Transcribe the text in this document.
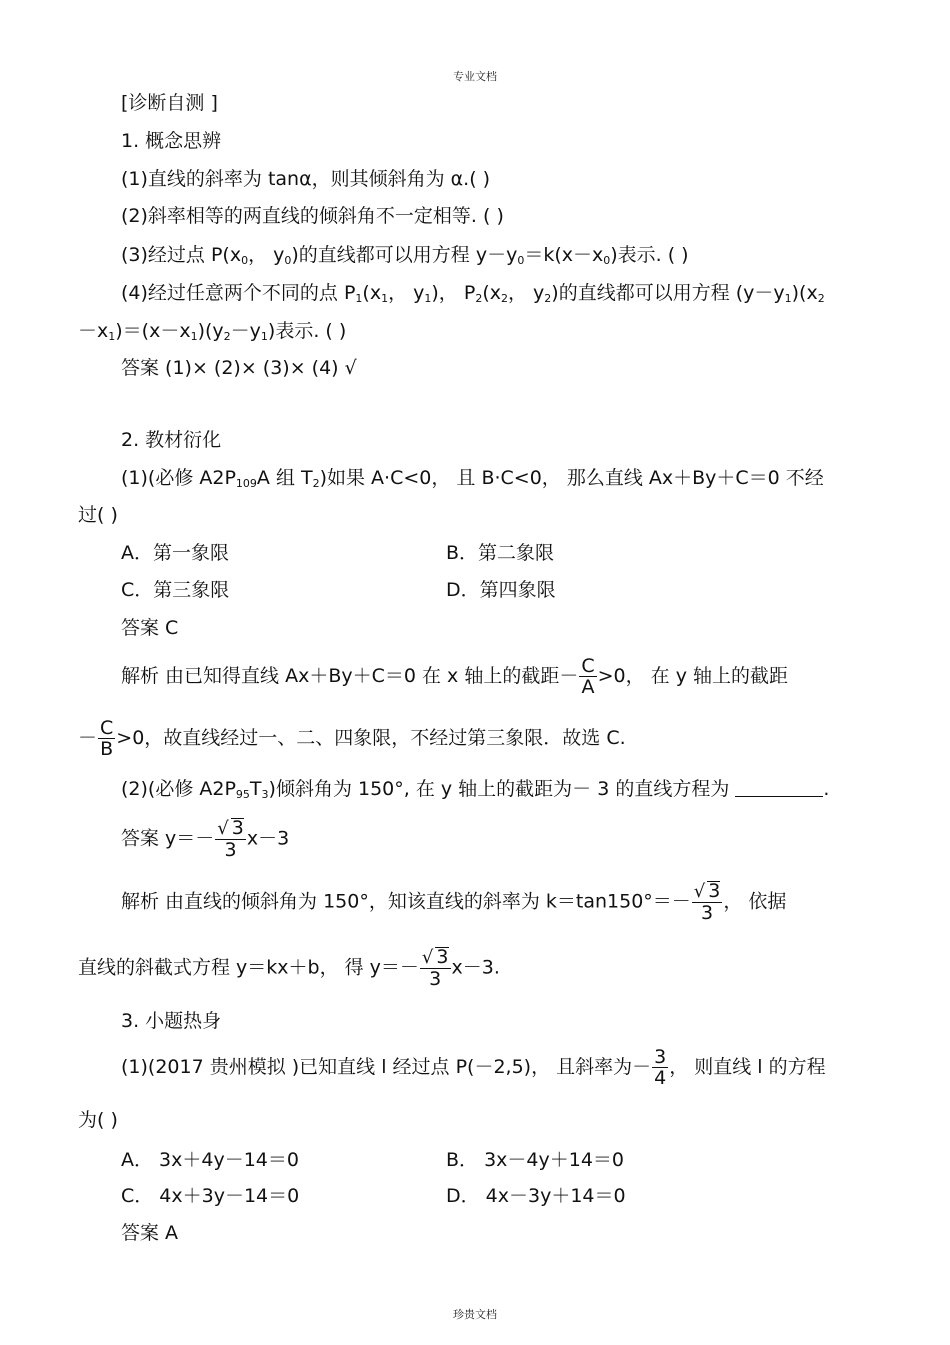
专业文档
[诊断自测 ]
1. 概念思辨
(1)直线的斜率为 tanα，则其倾斜角为 α.( )
(2)斜率相等的两直线的倾斜角不一定相等. ( )
(3)经过点 $P(x_0$， $y_0$)的直线都可以用方程 $y-y_0=k(x-x_0)$表示. ( )
(4)经过任意两个不同的点 $P_1(x_1$， $y_1$)， $P_2(x_2$， $y_2$)的直线都可以用方程 $(y-y_1)(x_2$
$-x_1)=(x-x_1)(y_2-y_1)$表示. ( )
答案 (1)× (2)× (3)× (4) √
2. 教材衍化
(1)(必修 $A2P_{109}A$ 组 $T_2$)如果 A·C<0， 且 B·C<0， 那么直线 Ax＋By＋C＝0 不经
过( )
A．第一象限	B．第二象限
C．第三象限	D．第四象限
答案 C
解析 由已知得直线 Ax＋By＋C＝0 在 x 轴上的截距－ $\frac{C}{A} >0$， 在 y 轴上的截距
－ $\frac{C}{B} >0$，故直线经过一、二、四象限，不经过第三象限．故选 C.
(2)(必修 $A2P_{95}T_3$)倾斜角为 150°, 在 y 轴上的截距为－ 3 的直线方程为	.
答案 $y=- \frac{√ 3}{3} x-3$
解析 由直线的倾斜角为 150°，知该直线的斜率为 $k=\tan 150^\circ=- \frac{√ 3}{3}$ ， 依据
直线的斜截式方程 y＝kx＋b， 得 $y=- \frac{√ 3}{3} x-3$.
3. 小题热身
(1)(2017 贵州模拟 )已知直线 l 经过点 P(－2,5)， 且斜率为－ $\frac{3}{4}$ ， 则直线 l 的方程
为( )
A． 3x＋4y－14＝0	B． 3x－4y＋14＝0
C． 4x＋3y－14＝0	D． 4x－3y＋14＝0
答案 A
珍贵文档
